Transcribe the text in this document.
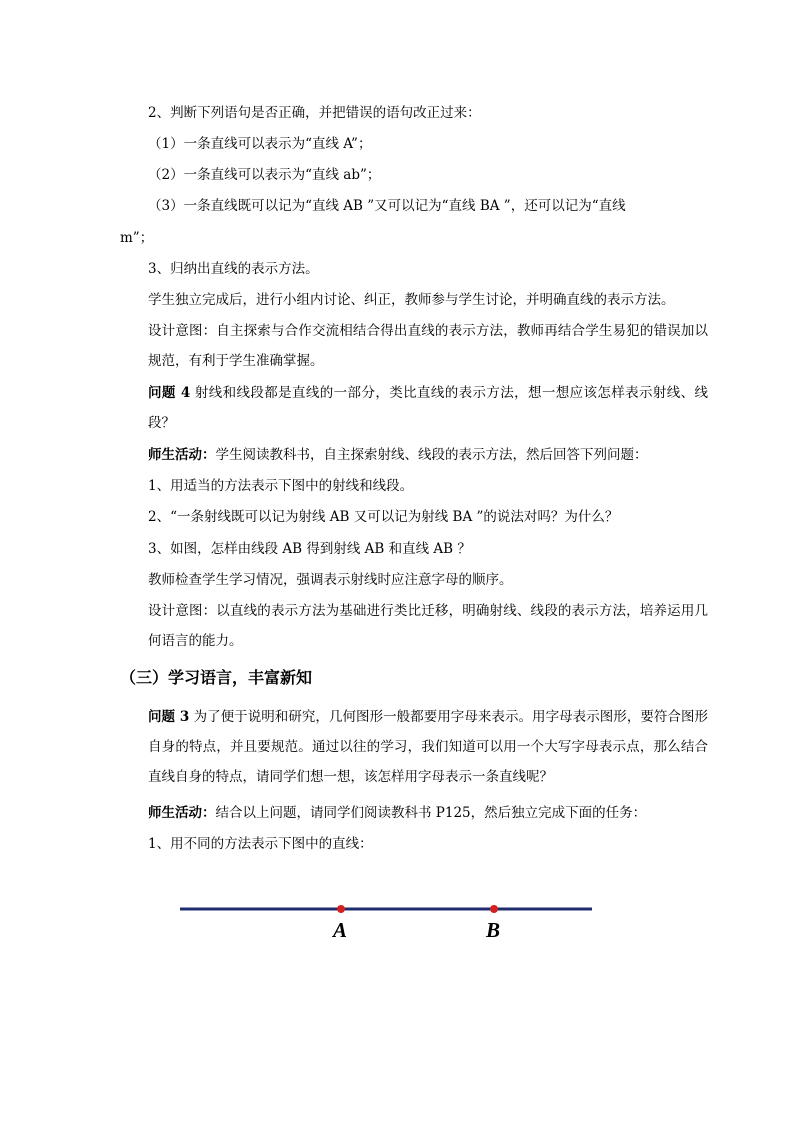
2、判断下列语句是否正确，并把错误的语句改正过来：

（1）一条直线可以表示为“直线 A”；

（2）一条直线可以表示为“直线 ab”；

（3）一条直线既可以记为“直线 AB ”又可以记为“直线 BA ”，还可以记为“直线

m”；

3、归纳出直线的表示方法。

学生独立完成后，进行小组内讨论、纠正，教师参与学生讨论，并明确直线的表示方法。

设计意图：自主探索与合作交流相结合得出直线的表示方法，教师再结合学生易犯的错误加以规范，有利于学生准确掌握。

问题 4 射线和线段都是直线的一部分，类比直线的表示方法，想一想应该怎样表示射线、线段？

师生活动：学生阅读教科书，自主探索射线、线段的表示方法，然后回答下列问题：

1、用适当的方法表示下图中的射线和线段。

2、“一条射线既可以记为射线 AB 又可以记为射线 BA ”的说法对吗？为什么？

3、如图，怎样由线段 AB 得到射线 AB 和直线 AB ？

教师检查学生学习情况，强调表示射线时应注意字母的顺序。

设计意图：以直线的表示方法为基础进行类比迁移，明确射线、线段的表示方法，培养运用几何语言的能力。

（三）学习语言，丰富新知

问题 3 为了便于说明和研究，几何图形一般都要用字母来表示。用字母表示图形，要符合图形自身的特点，并且要规范。通过以往的学习，我们知道可以用一个大写字母表示点，那么结合直线自身的特点，请同学们想一想，该怎样用字母表示一条直线呢？

师生活动：结合以上问题，请同学们阅读教科书 P125，然后独立完成下面的任务：

1、用不同的方法表示下图中的直线：

A	B
